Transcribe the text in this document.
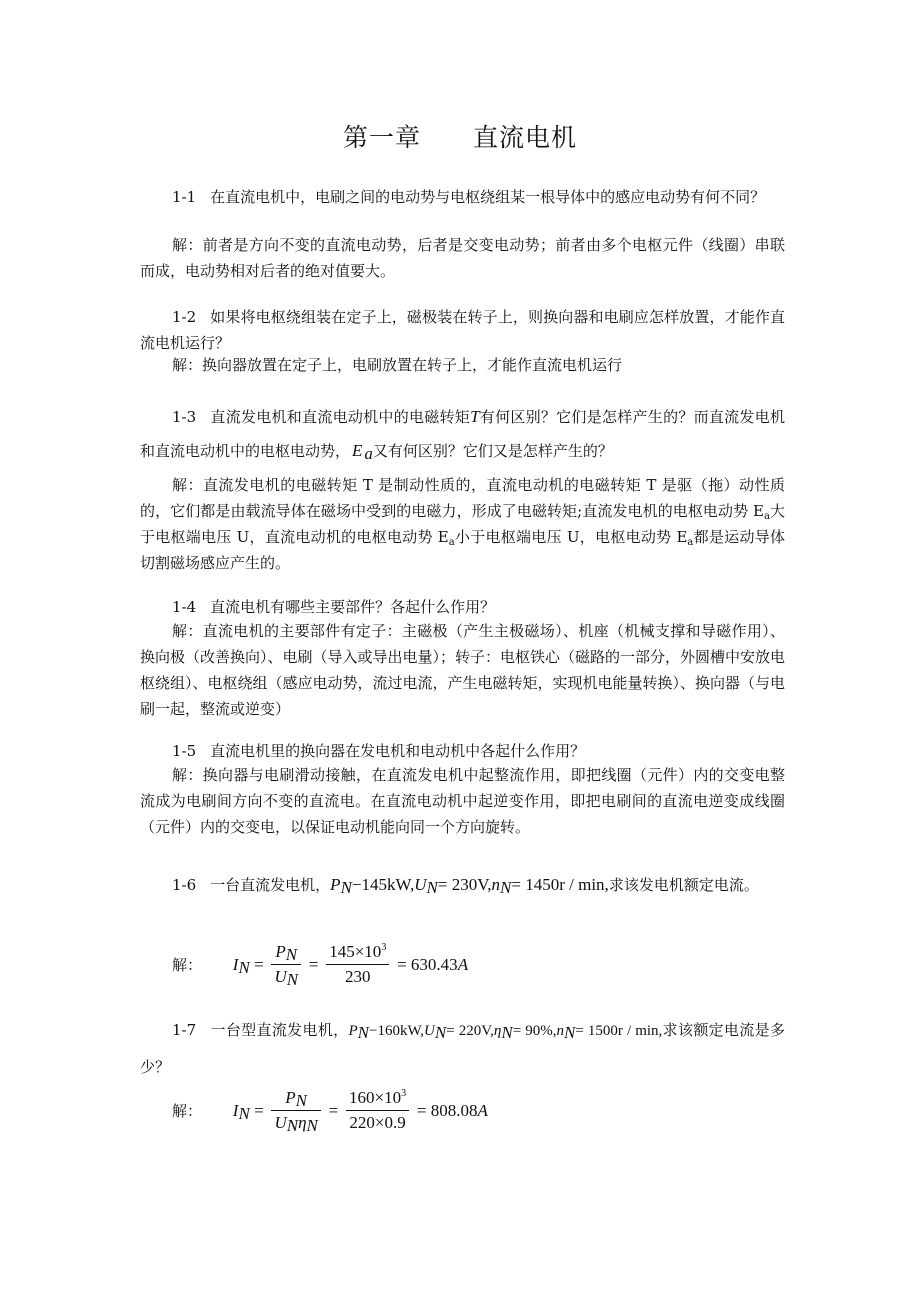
第一章 直流电机
1-1 在直流电机中，电刷之间的电动势与电枢绕组某一根导体中的感应电动势有何不同？
解：前者是方向不变的直流电动势，后者是交变电动势；前者由多个电枢元件（线圈）串联而成，电动势相对后者的绝对值要大。
1-2 如果将电枢绕组装在定子上，磁极装在转子上，则换向器和电刷应怎样放置，才能作直流电机运行？
解：换向器放置在定子上，电刷放置在转子上，才能作直流电机运行
1-3 直流发电机和直流电动机中的电磁转矩T有何区别？它们是怎样产生的？而直流发电机和直流电动机中的电枢电动势， E $_a$又有何区别？它们又是怎样产生的？
解：直流发电机的电磁转矩 T 是制动性质的，直流电动机的电磁转矩 T 是驱（拖）动性质的，它们都是由载流导体在磁场中受到的电磁力，形成了电磁转矩;直流发电机的电枢电动势 $E_a$大于电枢端电压 U，直流电动机的电枢电动势 $E_a$小于电枢端电压 U，电枢电动势 $E_a$都是运动导体切割磁场感应产生的。
1-4 直流电机有哪些主要部件？各起什么作用？
解：直流电机的主要部件有定子：主磁极（产生主极磁场）、机座（机械支撑和导磁作用）、换向极（改善换向）、电刷（导入或导出电量）；转子：电枢铁心（磁路的一部分，外圆槽中安放电枢绕组）、电枢绕组（感应电动势，流过电流，产生电磁转矩，实现机电能量转换）、换向器（与电刷一起，整流或逆变）
1-5 直流电机里的换向器在发电机和电动机中各起什么作用？
解：换向器与电刷滑动接触，在直流发电机中起整流作用，即把线圈（元件）内的交变电整流成为电刷间方向不变的直流电。在直流电动机中起逆变作用，即把电刷间的直流电逆变成线圈（元件）内的交变电，以保证电动机能向同一个方向旋转。
1-6 一台直流发电机，$P_N-145kW,U_N= 230V,n_N= 1450r / \min$,求该发电机额定电流。
解： $I_N = \frac{P_N}{U_N} = \frac{145\times 10^3}{230} = 630.43A$
1-7 一台型直流发电机，$P_N-160kW,U_N= 220V,\eta_N= 90\%,n_N= 1500r / \min$,求该额定电流是多少？
解： $I_N = \frac{P_N}{U_N\eta_N} = \frac{160\times 10^3}{220\times 0.9} = 808.08A$
